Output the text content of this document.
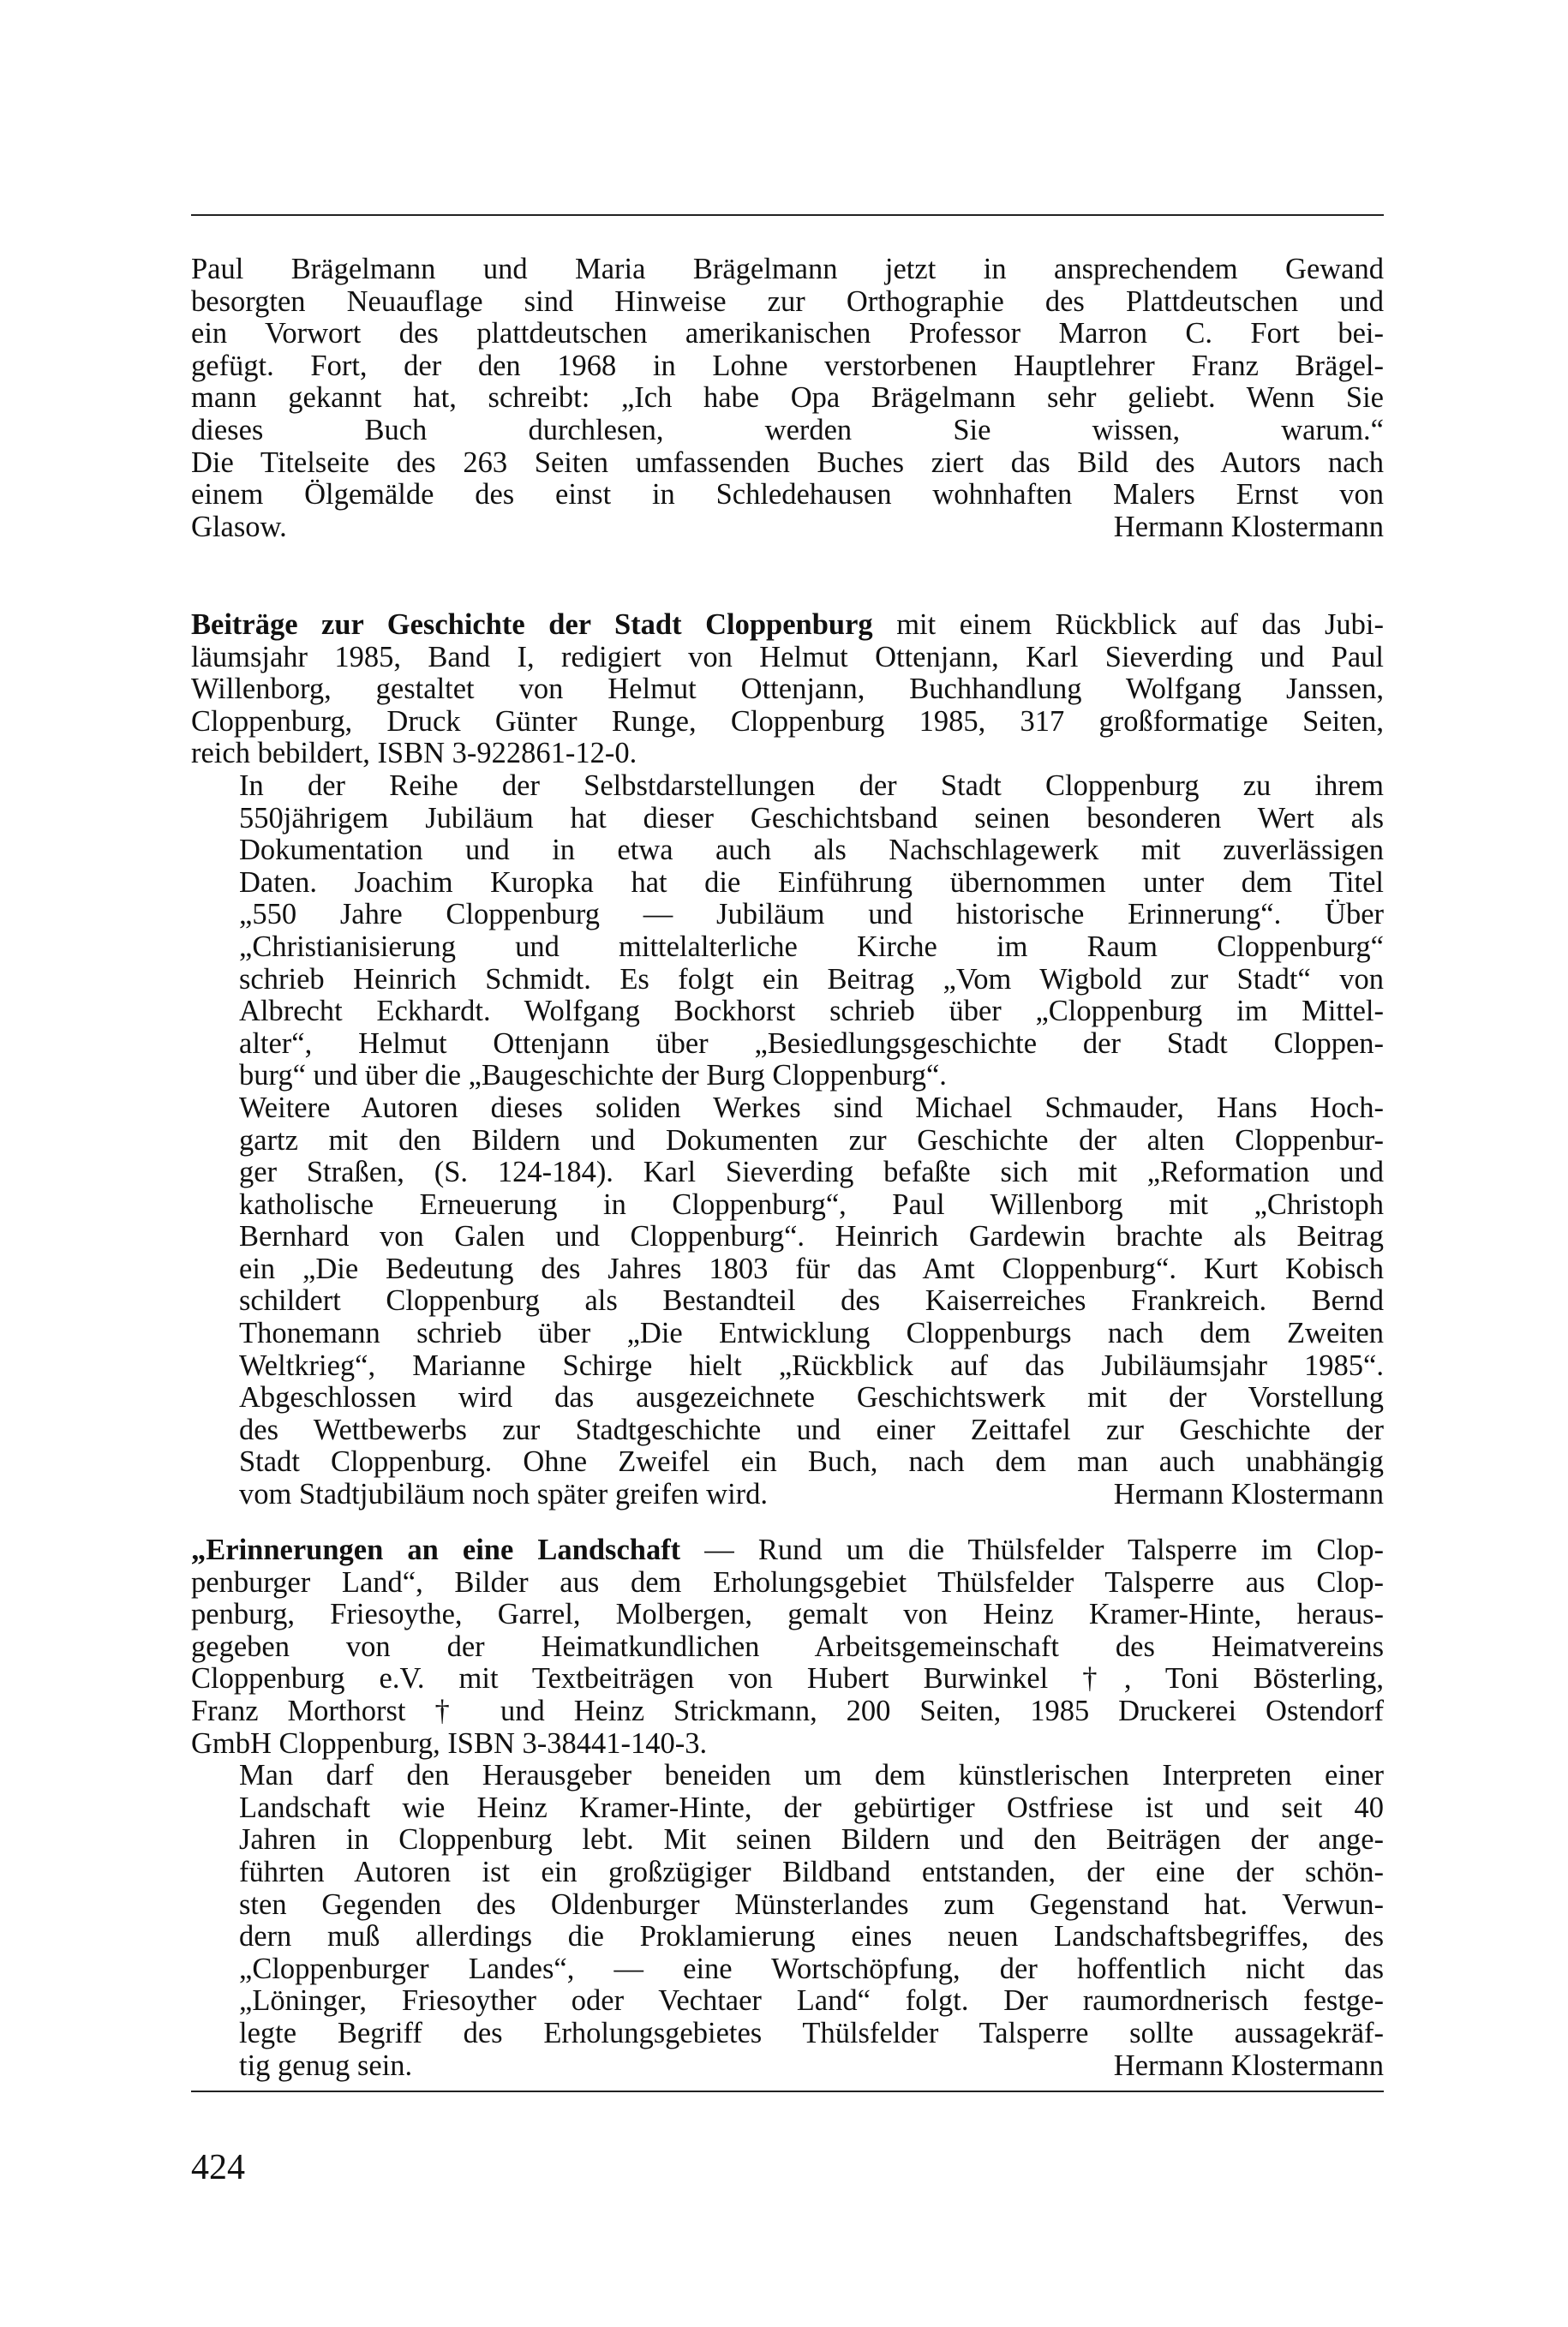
Paul Brägelmann und Maria Brägelmann jetzt in ansprechendem Gewand
besorgten Neuauflage sind Hinweise zur Orthographie des Plattdeutschen und
ein Vorwort des plattdeutschen amerikanischen Professor Marron C. Fort bei-
gefügt. Fort, der den 1968 in Lohne verstorbenen Hauptlehrer Franz Brägel-
mann gekannt hat, schreibt: „Ich habe Opa Brägelmann sehr geliebt. Wenn Sie
dieses Buch durchlesen, werden Sie wissen, warum.“
Die Titelseite des 263 Seiten umfassenden Buches ziert das Bild des Autors nach
einem Ölgemälde des einst in Schledehausen wohnhaften Malers Ernst von
Glasow.	Hermann Klostermann
Beiträge zur Geschichte der Stadt Cloppenburg mit einem Rückblick auf das Jubi-
läumsjahr 1985, Band I, redigiert von Helmut Ottenjann, Karl Sieverding und Paul
Willenborg, gestaltet von Helmut Ottenjann, Buchhandlung Wolfgang Janssen,
Cloppenburg, Druck Günter Runge, Cloppenburg 1985, 317 großformatige Seiten,
reich bebildert, ISBN 3-922861-12-0.
In der Reihe der Selbstdarstellungen der Stadt Cloppenburg zu ihrem
550jährigem Jubiläum hat dieser Geschichtsband seinen besonderen Wert als
Dokumentation und in etwa auch als Nachschlagewerk mit zuverlässigen
Daten. Joachim Kuropka hat die Einführung übernommen unter dem Titel
„550 Jahre Cloppenburg — Jubiläum und historische Erinnerung“. Über
„Christianisierung und mittelalterliche Kirche im Raum Cloppenburg“
schrieb Heinrich Schmidt. Es folgt ein Beitrag „Vom Wigbold zur Stadt“ von
Albrecht Eckhardt. Wolfgang Bockhorst schrieb über „Cloppenburg im Mittel-
alter“, Helmut Ottenjann über „Besiedlungsgeschichte der Stadt Cloppen-
burg“ und über die „Baugeschichte der Burg Cloppenburg“.
Weitere Autoren dieses soliden Werkes sind Michael Schmauder, Hans Hoch-
gartz mit den Bildern und Dokumenten zur Geschichte der alten Cloppenbur-
ger Straßen, (S. 124-184). Karl Sieverding befaßte sich mit „Reformation und
katholische Erneuerung in Cloppenburg“, Paul Willenborg mit „Christoph
Bernhard von Galen und Cloppenburg“. Heinrich Gardewin brachte als Beitrag
ein „Die Bedeutung des Jahres 1803 für das Amt Cloppenburg“. Kurt Kobisch
schildert Cloppenburg als Bestandteil des Kaiserreiches Frankreich. Bernd
Thonemann schrieb über „Die Entwicklung Cloppenburgs nach dem Zweiten
Weltkrieg“, Marianne Schirge hielt „Rückblick auf das Jubiläumsjahr 1985“.
Abgeschlossen wird das ausgezeichnete Geschichtswerk mit der Vorstellung
des Wettbewerbs zur Stadtgeschichte und einer Zeittafel zur Geschichte der
Stadt Cloppenburg. Ohne Zweifel ein Buch, nach dem man auch unabhängig
vom Stadtjubiläum noch später greifen wird.	Hermann Klostermann
„Erinnerungen an eine Landschaft — Rund um die Thülsfelder Talsperre im Clop-
penburger Land“, Bilder aus dem Erholungsgebiet Thülsfelder Talsperre aus Clop-
penburg, Friesoythe, Garrel, Molbergen, gemalt von Heinz Kramer-Hinte, heraus-
gegeben von der Heimatkundlichen Arbeitsgemeinschaft des Heimatvereins
Cloppenburg e.V. mit Textbeiträgen von Hubert Burwinkel †, Toni Bösterling,
Franz Morthorst † und Heinz Strickmann, 200 Seiten, 1985 Druckerei Ostendorf
GmbH Cloppenburg, ISBN 3-38441-140-3.
Man darf den Herausgeber beneiden um dem künstlerischen Interpreten einer
Landschaft wie Heinz Kramer-Hinte, der gebürtiger Ostfriese ist und seit 40
Jahren in Cloppenburg lebt. Mit seinen Bildern und den Beiträgen der ange-
führten Autoren ist ein großzügiger Bildband entstanden, der eine der schön-
sten Gegenden des Oldenburger Münsterlandes zum Gegenstand hat. Verwun-
dern muß allerdings die Proklamierung eines neuen Landschaftsbegriffes, des
„Cloppenburger Landes“, — eine Wortschöpfung, der hoffentlich nicht das
„Löninger, Friesoyther oder Vechtaer Land“ folgt. Der raumordnerisch festge-
legte Begriff des Erholungsgebietes Thülsfelder Talsperre sollte aussagekräf-
tig genug sein.	Hermann Klostermann
424
